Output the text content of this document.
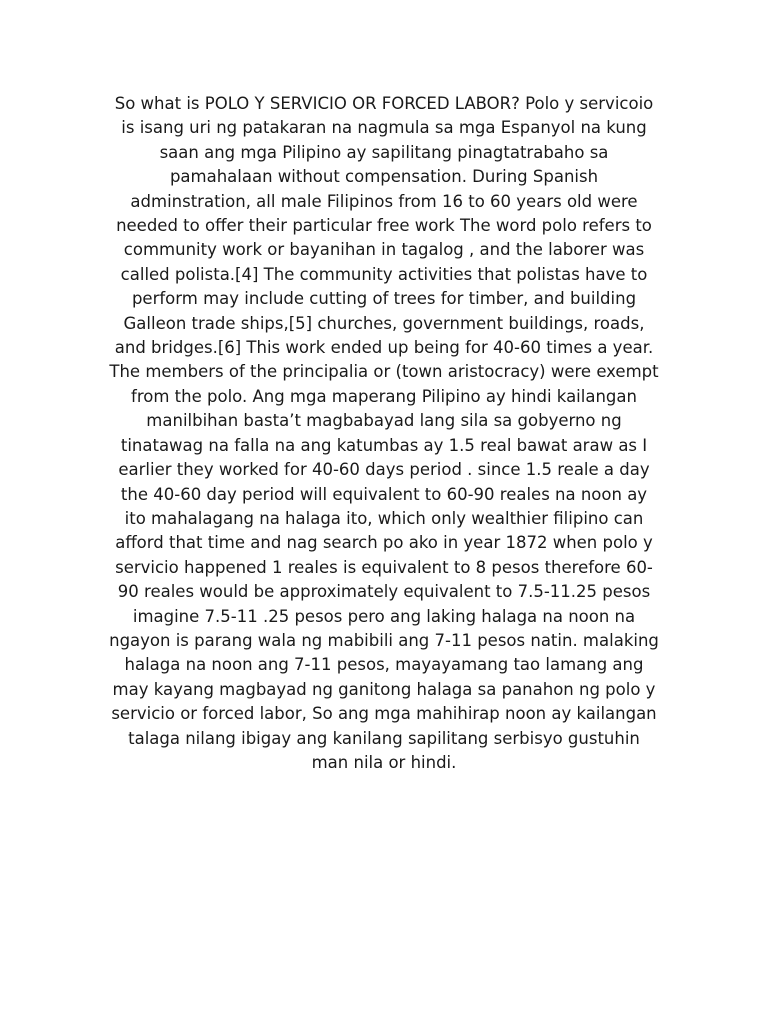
So what is POLO Y SERVICIO OR FORCED LABOR? Polo y servicoio
is isang uri ng patakaran na nagmula sa mga Espanyol na kung
saan ang mga Pilipino ay sapilitang pinagtatrabaho sa
pamahalaan without compensation. During Spanish
adminstration, all male Filipinos from 16 to 60 years old were
needed to offer their particular free work The word polo refers to
community work or bayanihan in tagalog , and the laborer was
called polista.[4] The community activities that polistas have to
perform may include cutting of trees for timber, and building
Galleon trade ships,[5] churches, government buildings, roads,
and bridges.[6] This work ended up being for 40-60 times a year.
The members of the principalia or (town aristocracy) were exempt
from the polo. Ang mga maperang Pilipino ay hindi kailangan
manilbihan basta’t magbabayad lang sila sa gobyerno ng
tinatawag na falla na ang katumbas ay 1.5 real bawat araw as I
earlier they worked for 40-60 days period . since 1.5 reale a day
the 40-60 day period will equivalent to 60-90 reales na noon ay
ito mahalagang na halaga ito, which only wealthier filipino can
afford that time and nag search po ako in year 1872 when polo y
servicio happened 1 reales is equivalent to 8 pesos therefore 60-
90 reales would be approximately equivalent to 7.5-11.25 pesos
imagine 7.5-11 .25 pesos pero ang laking halaga na noon na
ngayon is parang wala ng mabibili ang 7-11 pesos natin. malaking
halaga na noon ang 7-11 pesos, mayayamang tao lamang ang
may kayang magbayad ng ganitong halaga sa panahon ng polo y
servicio or forced labor, So ang mga mahihirap noon ay kailangan
talaga nilang ibigay ang kanilang sapilitang serbisyo gustuhin
man nila or hindi.
